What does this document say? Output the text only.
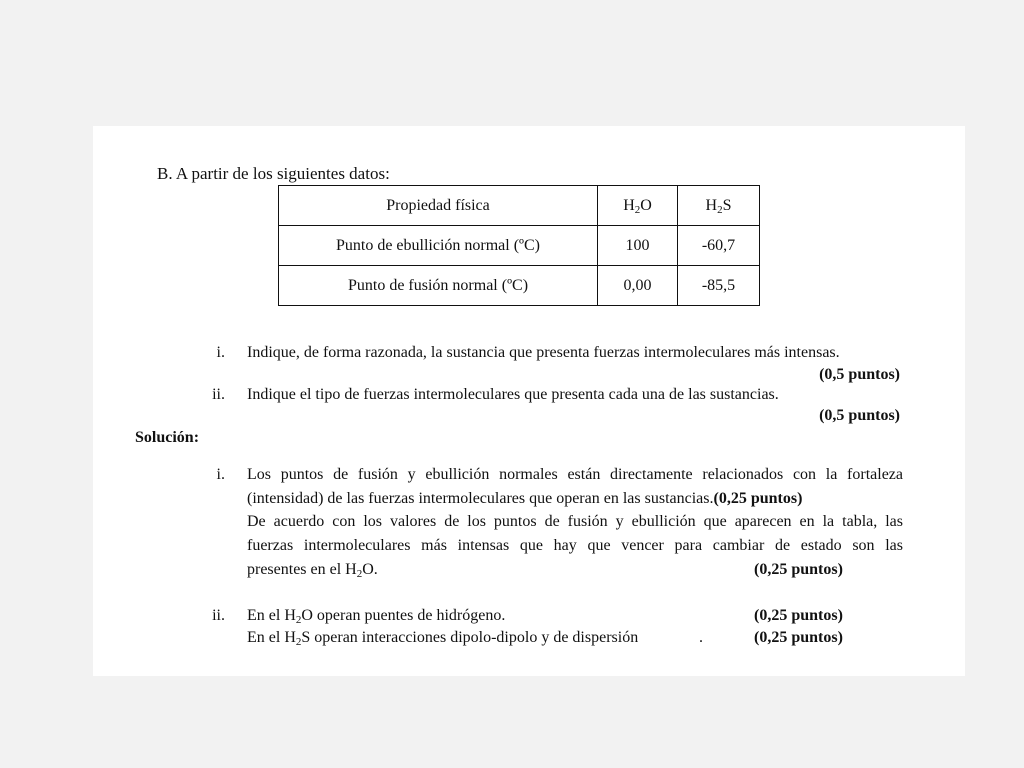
B. A partir de los siguientes datos:
Propiedad física	$H_2O$	$H_2S$
Punto de ebullición normal (ºC)	100	-60,7
Punto de fusión normal (ºC)	0,00	-85,5
i. Indique, de forma razonada, la sustancia que presenta fuerzas intermoleculares más intensas.
(0,5 puntos)
ii. Indique el tipo de fuerzas intermoleculares que presenta cada una de las sustancias.
(0,5 puntos)
Solución:
i. Los puntos de fusión y ebullición normales están directamente relacionados con la fortaleza
(intensidad) de las fuerzas intermoleculares que operan en las sustancias.(0,25 puntos)
De acuerdo con los valores de los puntos de fusión y ebullición que aparecen en la tabla, las
fuerzas intermoleculares más intensas que hay que vencer para cambiar de estado son las
presentes en el $H_2O$.	(0,25 puntos)
ii. En el $H_2O$ operan puentes de hidrógeno.	(0,25 puntos)
En el $H_2S$ operan interacciones dipolo-dipolo y de dispersión	.	(0,25 puntos)
